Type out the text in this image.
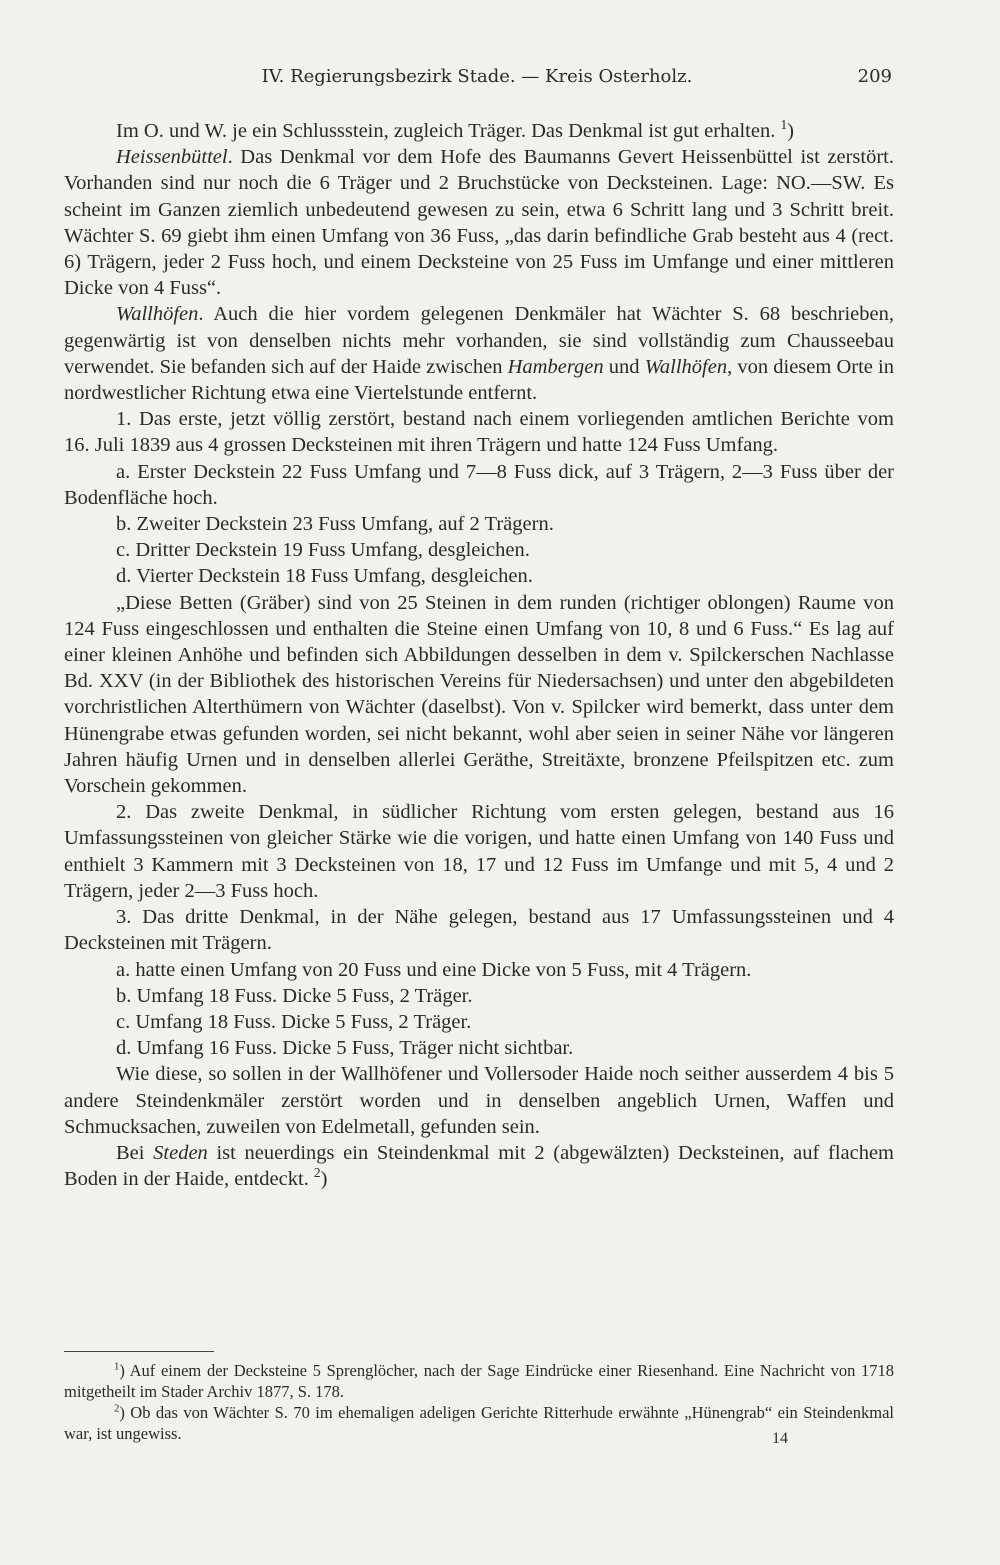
IV. Regierungsbezirk Stade. — Kreis Osterholz.	209

Im O. und W. je ein Schlussstein, zugleich Träger. Das Denkmal ist gut erhalten. $^1$)

Heissenbüttel. Das Denkmal vor dem Hofe des Baumanns Gevert Heissenbüttel ist zerstört. Vorhanden sind nur noch die 6 Träger und 2 Bruchstücke von Decksteinen. Lage: NO.—SW. Es scheint im Ganzen ziemlich unbedeutend gewesen zu sein, etwa 6 Schritt lang und 3 Schritt breit. Wächter S. 69 giebt ihm einen Umfang von 36 Fuss, „das darin befindliche Grab besteht aus 4 (rect. 6) Trägern, jeder 2 Fuss hoch, und einem Decksteine von 25 Fuss im Umfange und einer mittleren Dicke von 4 Fuss“.

Wallhöfen. Auch die hier vordem gelegenen Denkmäler hat Wächter S. 68 beschrieben, gegenwärtig ist von denselben nichts mehr vorhanden, sie sind vollständig zum Chausseebau verwendet. Sie befanden sich auf der Haide zwischen Hambergen und Wallhöfen, von diesem Orte in nordwestlicher Richtung etwa eine Viertelstunde entfernt.

1. Das erste, jetzt völlig zerstört, bestand nach einem vorliegenden amtlichen Berichte vom 16. Juli 1839 aus 4 grossen Decksteinen mit ihren Trägern und hatte 124 Fuss Umfang.

a. Erster Deckstein 22 Fuss Umfang und 7—8 Fuss dick, auf 3 Trägern, 2—3 Fuss über der Bodenfläche hoch.

b. Zweiter Deckstein 23 Fuss Umfang, auf 2 Trägern.

c. Dritter Deckstein 19 Fuss Umfang, desgleichen.

d. Vierter Deckstein 18 Fuss Umfang, desgleichen.

„Diese Betten (Gräber) sind von 25 Steinen in dem runden (richtiger oblongen) Raume von 124 Fuss eingeschlossen und enthalten die Steine einen Umfang von 10, 8 und 6 Fuss.“ Es lag auf einer kleinen Anhöhe und befinden sich Abbildungen desselben in dem v. Spilckerschen Nachlasse Bd. XXV (in der Bibliothek des historischen Vereins für Niedersachsen) und unter den abgebildeten vorchristlichen Alterthümern von Wächter (daselbst). Von v. Spilcker wird bemerkt, dass unter dem Hünengrabe etwas gefunden worden, sei nicht bekannt, wohl aber seien in seiner Nähe vor längeren Jahren häufig Urnen und in denselben allerlei Geräthe, Streitäxte, bronzene Pfeilspitzen etc. zum Vorschein gekommen.

2. Das zweite Denkmal, in südlicher Richtung vom ersten gelegen, bestand aus 16 Umfassungssteinen von gleicher Stärke wie die vorigen, und hatte einen Umfang von 140 Fuss und enthielt 3 Kammern mit 3 Decksteinen von 18, 17 und 12 Fuss im Umfange und mit 5, 4 und 2 Trägern, jeder 2—3 Fuss hoch.

3. Das dritte Denkmal, in der Nähe gelegen, bestand aus 17 Umfassungssteinen und 4 Decksteinen mit Trägern.

a. hatte einen Umfang von 20 Fuss und eine Dicke von 5 Fuss, mit 4 Trägern.

b. Umfang 18 Fuss. Dicke 5 Fuss, 2 Träger.

c. Umfang 18 Fuss. Dicke 5 Fuss, 2 Träger.

d. Umfang 16 Fuss. Dicke 5 Fuss, Träger nicht sichtbar.

Wie diese, so sollen in der Wallhöfener und Vollersoder Haide noch seither ausserdem 4 bis 5 andere Steindenkmäler zerstört worden und in denselben angeblich Urnen, Waffen und Schmucksachen, zuweilen von Edelmetall, gefunden sein.

Bei Steden ist neuerdings ein Steindenkmal mit 2 (abgewälzten) Decksteinen, auf flachem Boden in der Haide, entdeckt. $^2$)

$^1$) Auf einem der Decksteine 5 Sprenglöcher, nach der Sage Eindrücke einer Riesenhand. Eine Nachricht von 1718 mitgetheilt im Stader Archiv 1877, S. 178.

$^2$) Ob das von Wächter S. 70 im ehemaligen adeligen Gerichte Ritterhude erwähnte „Hünengrab“ ein Steindenkmal war, ist ungewiss.	14
